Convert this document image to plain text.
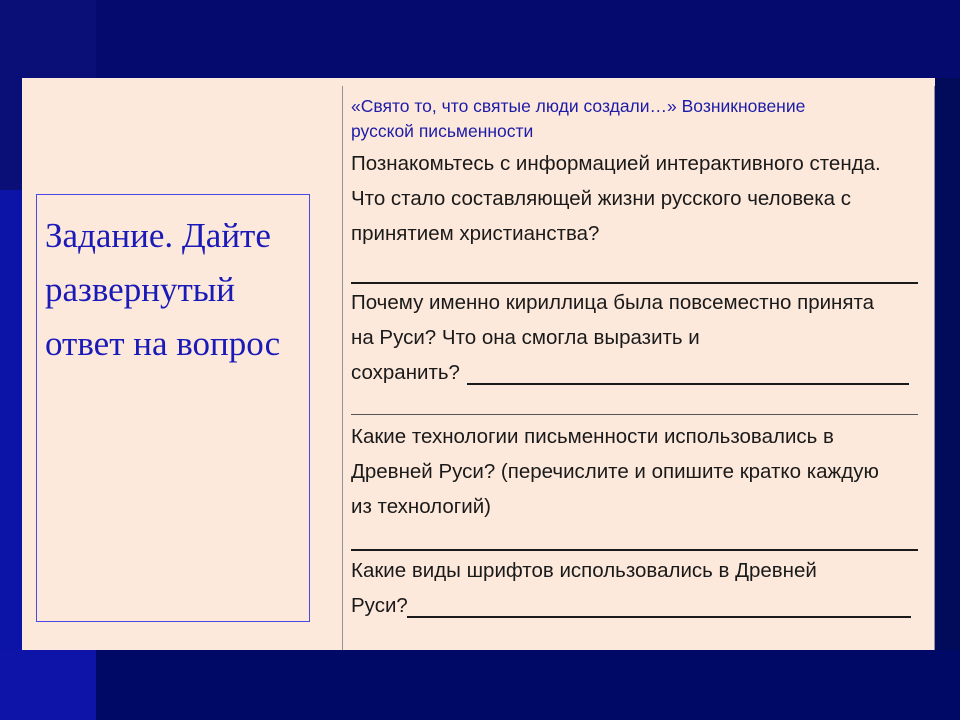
Задание. Дайте
развернутый
ответ на вопрос
«Свято то, что святые люди создали…» Возникновение
русской письменности
Познакомьтесь с информацией интерактивного стенда.
Что стало составляющей жизни русского человека с
принятием христианства?
Почему именно кириллица была повсеместно принята
на Руси? Что она смогла выразить и
сохранить?
Какие технологии письменности использовались в
Древней Руси? (перечислите и опишите кратко каждую
из технологий)
Какие виды шрифтов использовались в Древней
Руси?
